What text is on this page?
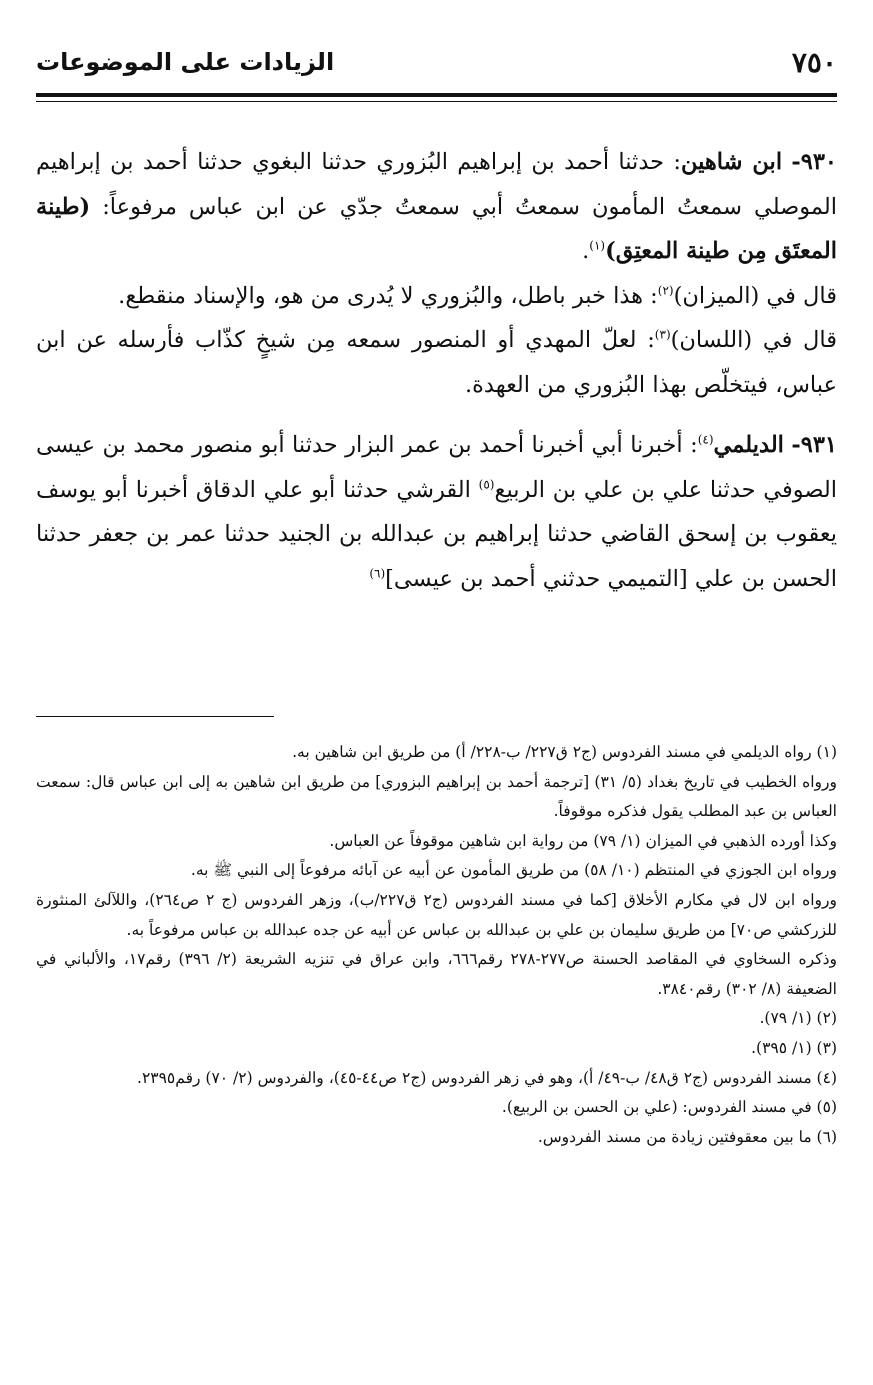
٧٥٠
الزيادات على الموضوعات

٩٣٠- ابن شاهين: حدثنا أحمد بن إبراهيم البُزوري حدثنا البغوي حدثنا أحمد بن إبراهيم الموصلي سمعتُ المأمون سمعتُ أبي سمعتُ جدّي عن ابن عباس مرفوعاً: (طينة المعتَق مِن طينة المعتِق)$^{(١)}$.

قال في (الميزان)$^{(٢)}$: هذا خبر باطل، والبُزوري لا يُدرى من هو، والإسناد منقطع.

قال في (اللسان)$^{(٣)}$: لعلّ المهدي أو المنصور سمعه مِن شيخٍ كذّاب فأرسله عن ابن عباس، فيتخلّص بهذا البُزوري من العهدة.

٩٣١- الديلمي$^{(٤)}$: أخبرنا أبي أخبرنا أحمد بن عمر البزار حدثنا أبو منصور محمد بن عيسى الصوفي حدثنا علي بن علي بن الربيع$^{(٥)}$ القرشي حدثنا أبو علي الدقاق أخبرنا أبو يوسف يعقوب بن إسحق القاضي حدثنا إبراهيم بن عبدالله بن الجنيد حدثنا عمر بن جعفر حدثنا الحسن بن علي [التميمي حدثني أحمد بن عيسى]$^{(٦)}$

(١) رواه الديلمي في مسند الفردوس (ج٢ ق٢٢٧/ ب-٢٢٨/ أ) من طريق ابن شاهين به.

ورواه الخطيب في تاريخ بغداد (٥/ ٣١) [ترجمة أحمد بن إبراهيم البزوري] من طريق ابن شاهين به إلى ابن عباس قال: سمعت العباس بن عبد المطلب يقول فذكره موقوفاً.

وكذا أورده الذهبي في الميزان (١/ ٧٩) من رواية ابن شاهين موقوفاً عن العباس.

ورواه ابن الجوزي في المنتظم (١٠/ ٥٨) من طريق المأمون عن أبيه عن آبائه مرفوعاً إلى النبي ﷺ به.

ورواه ابن لال في مكارم الأخلاق [كما في مسند الفردوس (ج٢ ق٢٢٧/ب)، وزهر الفردوس (ج ٢ ص٢٦٤)، واللآلئ المنثورة للزركشي ص٧٠] من طريق سليمان بن علي بن عبدالله بن عباس عن أبيه عن جده عبدالله بن عباس مرفوعاً به.

وذكره السخاوي في المقاصد الحسنة ص٢٧٧-٢٧٨ رقم٦٦٦، وابن عراق في تنزيه الشريعة (٢/ ٣٩٦) رقم١٧، والألباني في الضعيفة (٨/ ٣٠٢) رقم٣٨٤٠.

(٢) (١/ ٧٩).

(٣) (١/ ٣٩٥).

(٤) مسند الفردوس (ج٢ ق٤٨/ ب-٤٩/ أ)، وهو في زهر الفردوس (ج٢ ص٤٤-٤٥)، والفردوس (٢/ ٧٠) رقم٢٣٩٥.

(٥) في مسند الفردوس: (علي بن الحسن بن الربيع).

(٦) ما بين معقوفتين زيادة من مسند الفردوس.
